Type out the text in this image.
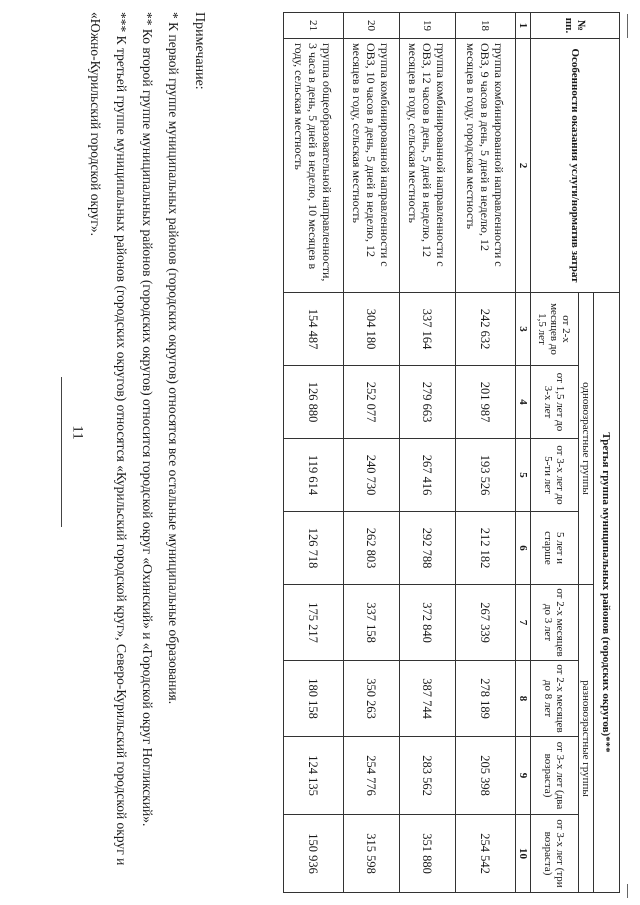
11
№ пп.	Особенности оказания услуги/норматив затрат	Третья группа муниципальных районов (городских округов)***							
		одновозрастные группы				разновозрастные группы			
		от 2-х месяцев до 1,5 лет	от 1,5 лет до 3-х лет	от 3-х лет до 5-ти лет	5 лет и старше	от 2-х месяцев до 3 лет	от 2-х месяцев до 8 лет	от 3-х лет (два возраста)	от 3-х лет (три возраста)
1	2	3	4	5	6	7	8	9	10
18	группа комбинированной направленности с ОВЗ, 9 часов в день, 5 дней в неделю, 12 месяцев в году, городская местность	242 632	201 987	193 526	212 182	267 339	278 189	205 398	254 542
19	группа комбинированной направленности с ОВЗ, 12 часов в день, 5 дней в неделю, 12 месяцев в году, сельская местность	337 164	279 663	267 416	292 788	372 840	387 744	283 562	351 880
20	группа комбинированной направленности с ОВЗ, 10 часов в день, 5 дней в неделю, 12 месяцев в году, сельская местность	304 180	252 077	240 730	262 803	337 158	350 263	254 776	315 598
21	группа общеобразовательной направленности, 3 часа в день, 5 дней в неделю, 10 месяцев в году, сельская местность	154 487	126 880	119 614	126 718	175 217	180 158	124 135	150 936

Примечание:

* К первой группе муниципальных районов (городских округов) относятся все остальные муниципальные образования.

** Ко второй группе муниципальных районов (городских округов) относится городской округ «Охинский» и «Городской округ Ногликский».

*** К третьей группе муниципальных районов (городских округов) относятся «Курильский городской круг», Северо-Курильский городской округ и «Южно-Курильский городской округ».
